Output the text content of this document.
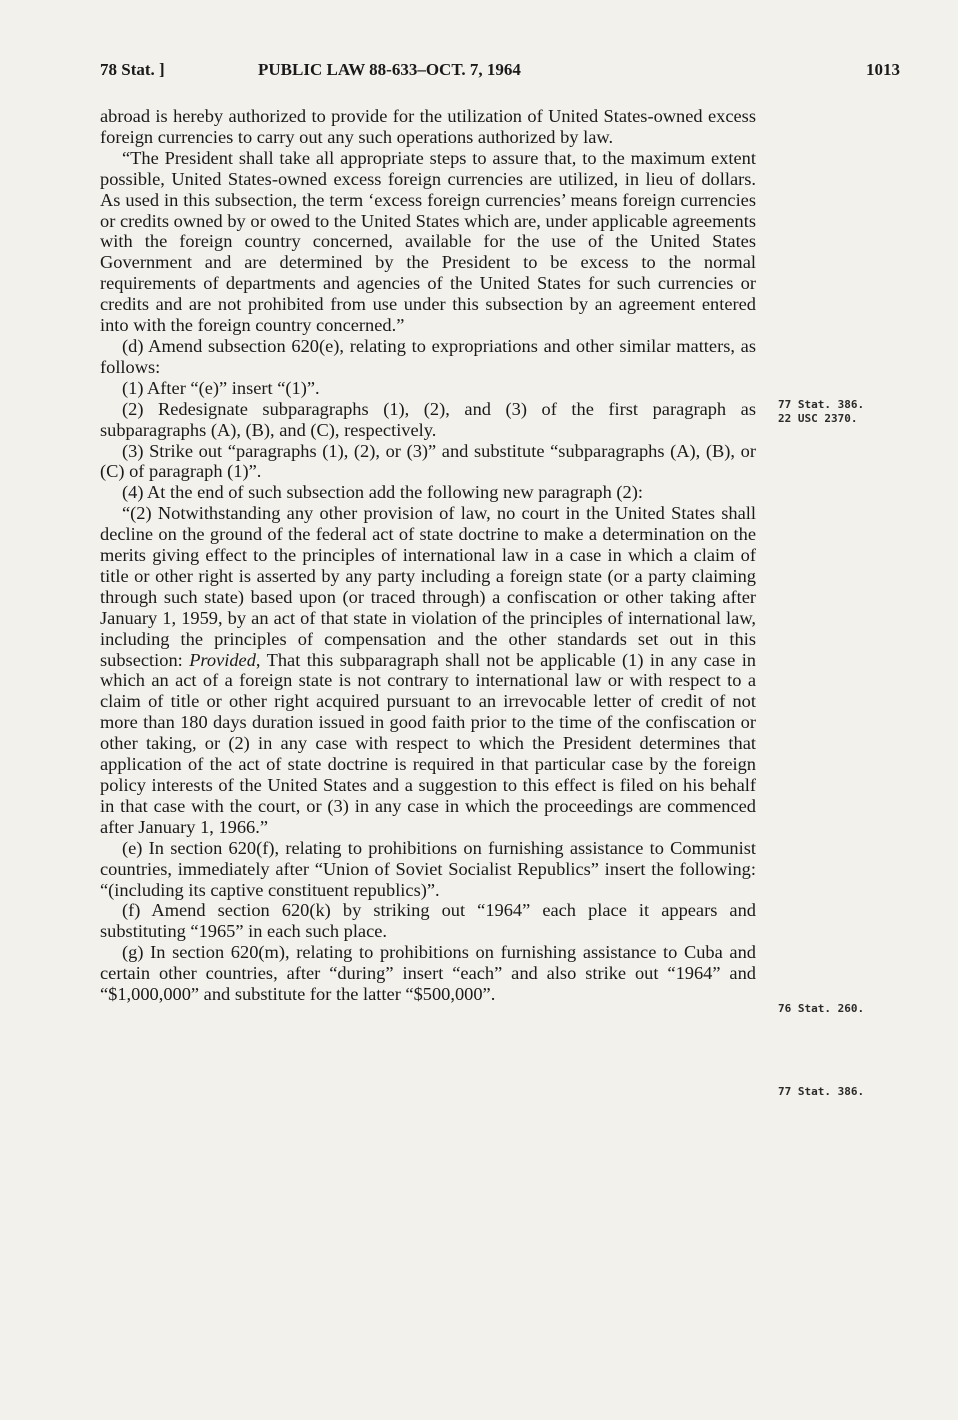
78 Stat. ]	PUBLIC LAW 88-633–OCT. 7, 1964	1013

abroad is hereby authorized to provide for the utilization of United States-owned excess foreign currencies to carry out any such operations authorized by law.

“The President shall take all appropriate steps to assure that, to the maximum extent possible, United States-owned excess foreign currencies are utilized, in lieu of dollars. As used in this subsection, the term ‘excess foreign currencies’ means foreign currencies or credits owned by or owed to the United States which are, under applicable agreements with the foreign country concerned, available for the use of the United States Government and are determined by the President to be excess to the normal requirements of departments and agencies of the United States for such currencies or credits and are not prohibited from use under this subsection by an agreement entered into with the foreign country concerned.”

(d) Amend subsection 620(e), relating to expropriations and other similar matters, as follows:

(1) After “(e)” insert “(1)”.

(2) Redesignate subparagraphs (1), (2), and (3) of the first paragraph as subparagraphs (A), (B), and (C), respectively.

(3) Strike out “paragraphs (1), (2), or (3)” and substitute “subparagraphs (A), (B), or (C) of paragraph (1)”.

(4) At the end of such subsection add the following new paragraph (2):

“(2) Notwithstanding any other provision of law, no court in the United States shall decline on the ground of the federal act of state doctrine to make a determination on the merits giving effect to the principles of international law in a case in which a claim of title or other right is asserted by any party including a foreign state (or a party claiming through such state) based upon (or traced through) a confiscation or other taking after January 1, 1959, by an act of that state in violation of the principles of international law, including the principles of compensation and the other standards set out in this subsection: Provided, That this subparagraph shall not be applicable (1) in any case in which an act of a foreign state is not contrary to international law or with respect to a claim of title or other right acquired pursuant to an irrevocable letter of credit of not more than 180 days duration issued in good faith prior to the time of the confiscation or other taking, or (2) in any case with respect to which the President determines that application of the act of state doctrine is required in that particular case by the foreign policy interests of the United States and a suggestion to this effect is filed on his behalf in that case with the court, or (3) in any case in which the proceedings are commenced after January 1, 1966.”

(e) In section 620(f), relating to prohibitions on furnishing assistance to Communist countries, immediately after “Union of Soviet Socialist Republics” insert the following: “(including its captive constituent republics)”.

(f) Amend section 620(k) by striking out “1964” each place it appears and substituting “1965” in each such place.

(g) In section 620(m), relating to prohibitions on furnishing assistance to Cuba and certain other countries, after “during” insert “each” and also strike out “1964” and “$1,000,000” and substitute for the latter “$500,000”.

77 Stat. 386.
22 USC 2370.
76 Stat. 260.
77 Stat. 386.
